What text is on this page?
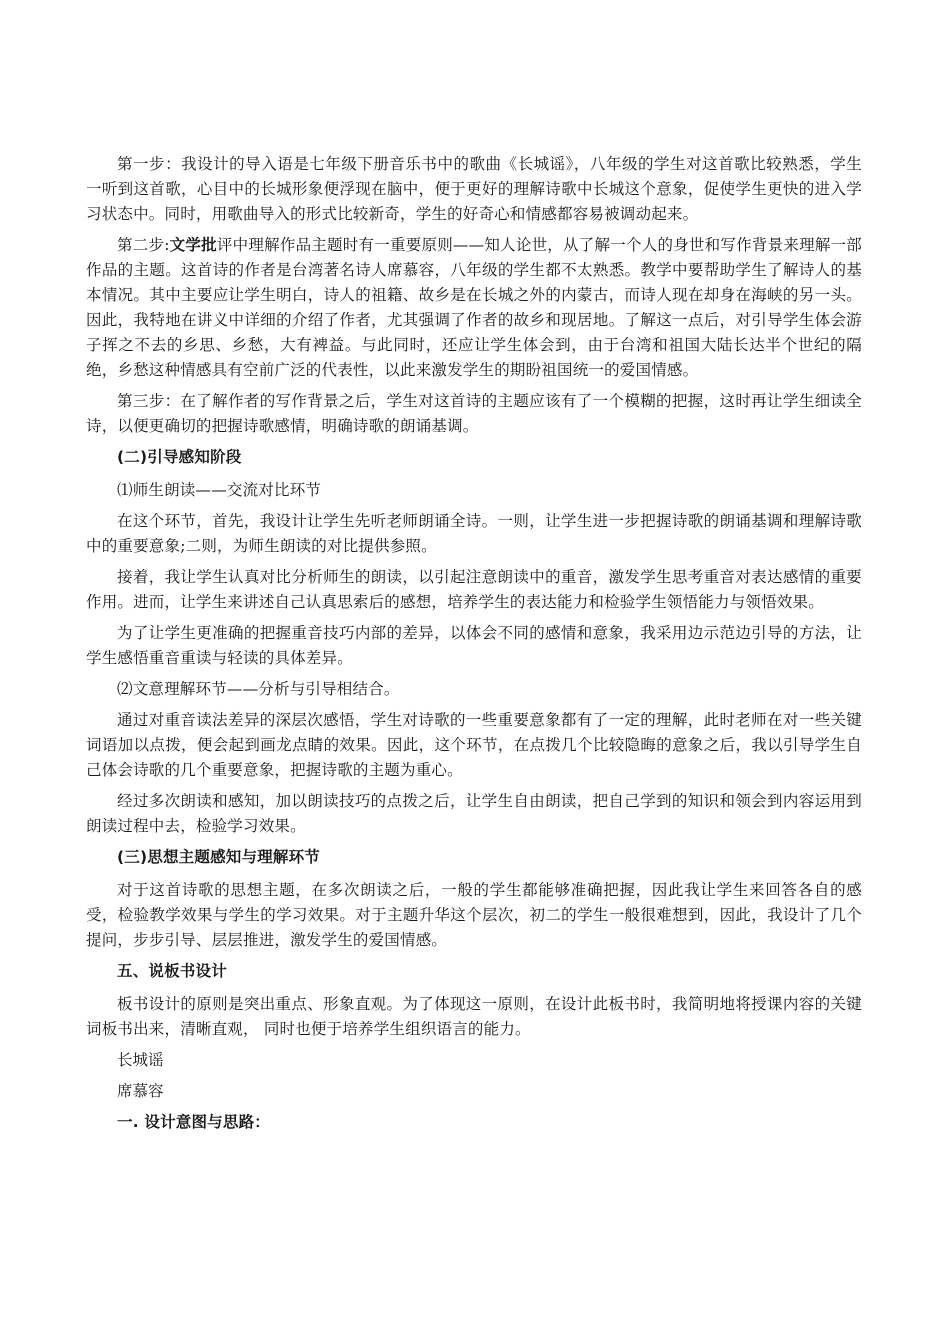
第一步：我设计的导入语是七年级下册音乐书中的歌曲《长城谣》，八年级的学生对这首歌比较熟悉，学生一听到这首歌，心目中的长城形象便浮现在脑中，便于更好的理解诗歌中长城这个意象，促使学生更快的进入学习状态中。同时，用歌曲导入的形式比较新奇，学生的好奇心和情感都容易被调动起来。

第二步:文学批评中理解作品主题时有一重要原则——知人论世，从了解一个人的身世和写作背景来理解一部作品的主题。这首诗的作者是台湾著名诗人席慕容，八年级的学生都不太熟悉。教学中要帮助学生了解诗人的基本情况。其中主要应让学生明白，诗人的祖籍、故乡是在长城之外的内蒙古，而诗人现在却身在海峡的另一头。因此，我特地在讲义中详细的介绍了作者，尤其强调了作者的故乡和现居地。了解这一点后，对引导学生体会游子挥之不去的乡思、乡愁，大有裨益。与此同时，还应让学生体会到，由于台湾和祖国大陆长达半个世纪的隔绝，乡愁这种情感具有空前广泛的代表性，以此来激发学生的期盼祖国统一的爱国情感。

第三步：在了解作者的写作背景之后，学生对这首诗的主题应该有了一个模糊的把握，这时再让学生细读全诗，以便更确切的把握诗歌感情，明确诗歌的朗诵基调。

(二)引导感知阶段

⑴师生朗读——交流对比环节

在这个环节，首先，我设计让学生先听老师朗诵全诗。一则，让学生进一步把握诗歌的朗诵基调和理解诗歌中的重要意象;二则，为师生朗读的对比提供参照。

接着，我让学生认真对比分析师生的朗读，以引起注意朗读中的重音，激发学生思考重音对表达感情的重要作用。进而，让学生来讲述自己认真思索后的感想，培养学生的表达能力和检验学生领悟能力与领悟效果。

为了让学生更准确的把握重音技巧内部的差异，以体会不同的感情和意象，我采用边示范边引导的方法，让学生感悟重音重读与轻读的具体差异。

⑵文意理解环节——分析与引导相结合。

通过对重音读法差异的深层次感悟，学生对诗歌的一些重要意象都有了一定的理解，此时老师在对一些关键词语加以点拨，便会起到画龙点睛的效果。因此，这个环节，在点拨几个比较隐晦的意象之后，我以引导学生自己体会诗歌的几个重要意象，把握诗歌的主题为重心。

经过多次朗读和感知，加以朗读技巧的点拨之后，让学生自由朗读，把自己学到的知识和领会到内容运用到朗读过程中去，检验学习效果。

(三)思想主题感知与理解环节

对于这首诗歌的思想主题，在多次朗读之后，一般的学生都能够准确把握，因此我让学生来回答各自的感受，检验教学效果与学生的学习效果。对于主题升华这个层次，初二的学生一般很难想到，因此，我设计了几个提问，步步引导、层层推进，激发学生的爱国情感。

五、说板书设计

板书设计的原则是突出重点、形象直观。为了体现这一原则，在设计此板书时，我简明地将授课内容的关键词板书出来，清晰直观， 同时也便于培养学生组织语言的能力。

长城谣

席慕容

一. 设计意图与思路：
